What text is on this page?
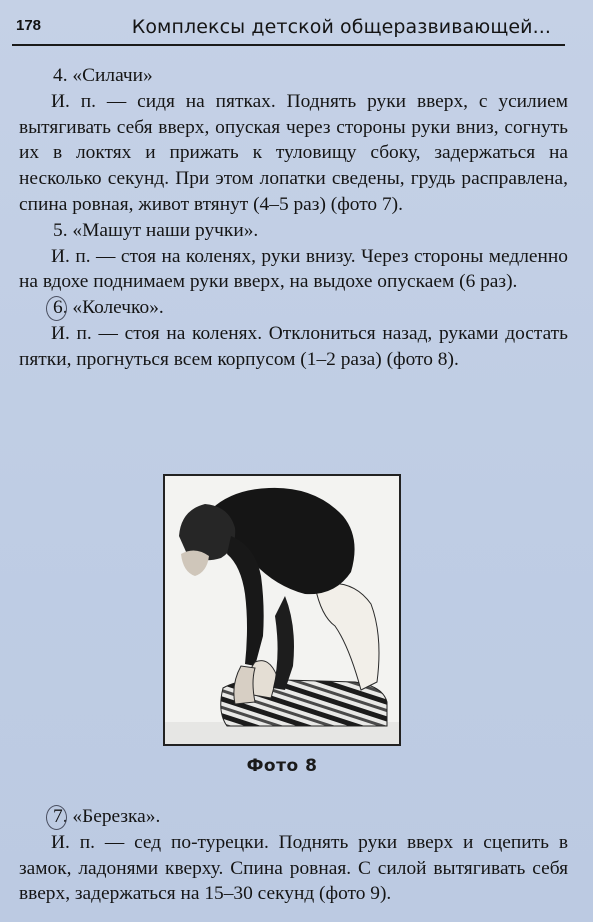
178	Комплексы детской общеразвивающей...

4. «Силачи»

И. п. — сидя на пятках. Поднять руки вверх, с усилием вытягивать себя вверх, опуская через стороны руки вниз, согнуть их в локтях и прижать к туловищу сбоку, задержаться на несколько секунд. При этом лопатки сведены, грудь расправлена, спина ровная, живот втянут (4–5 раз) (фото 7).

5. «Машут наши ручки».

И. п. — стоя на коленях, руки внизу. Через стороны медленно на вдохе поднимаем руки вверх, на выдохе опускаем (6 раз).

6. «Колечко».

И. п. — стоя на коленях. Отклониться назад, руками достать пятки, прогнуться всем корпусом (1–2 раза) (фото 8).

Фото 8

7. «Березка».

И. п. — сед по-турецки. Поднять руки вверх и сцепить в замок, ладонями кверху. Спина ровная. С силой вытягивать себя вверх, задержаться на 15–30 секунд (фото 9).
